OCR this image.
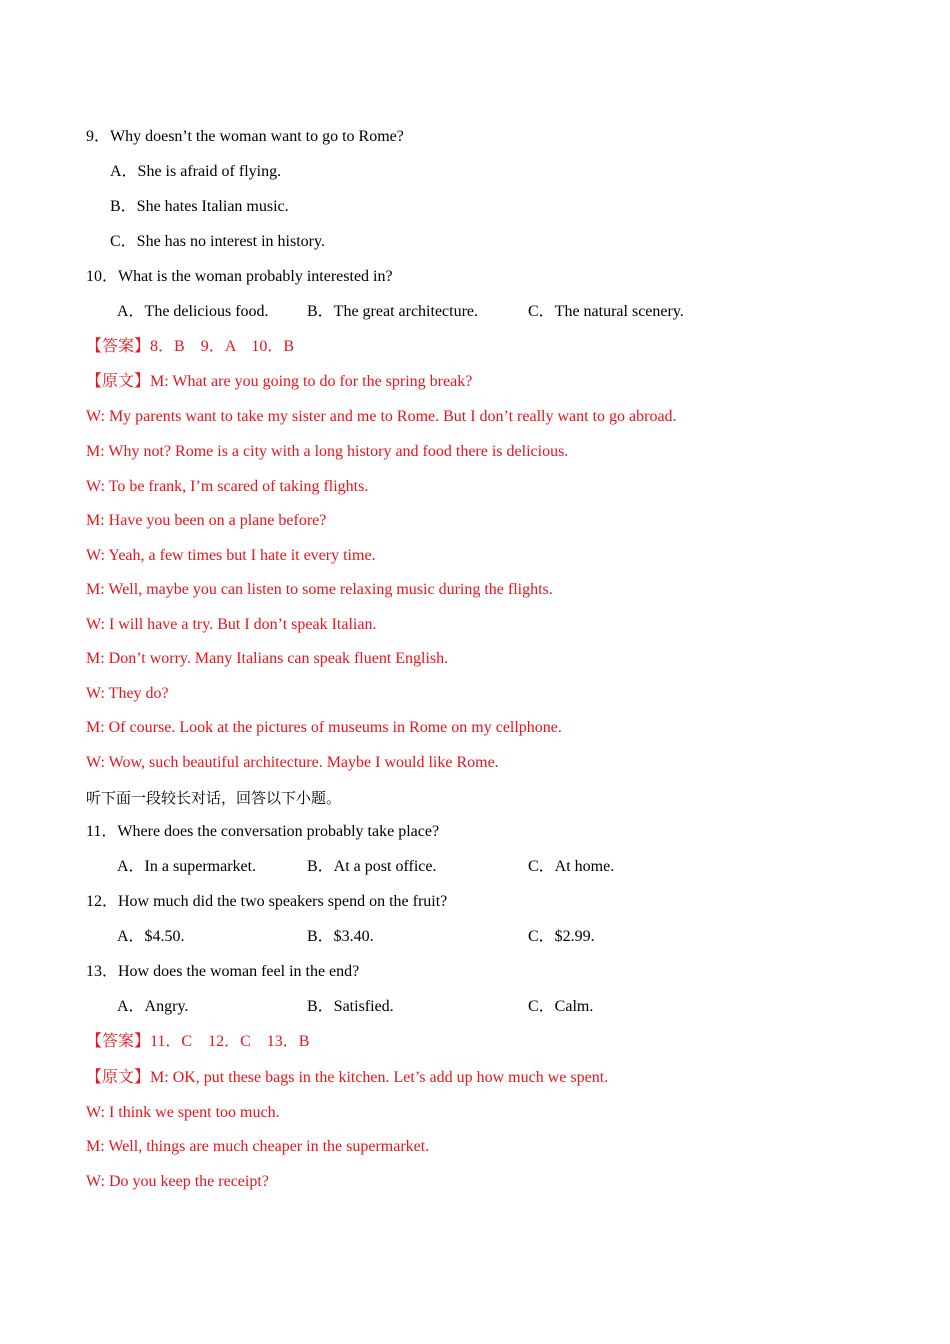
9．Why doesn’t the woman want to go to Rome?
A．She is afraid of flying.
B．She hates Italian music.
C．She has no interest in history.
10．What is the woman probably interested in?
A．The delicious food. B．The great architecture.	C．The natural scenery.
【答案】8．B    9．A    10．B
【原文】M: What are you going to do for the spring break?
W: My parents want to take my sister and me to Rome. But I don’t really want to go abroad.
M: Why not? Rome is a city with a long history and food there is delicious.
W: To be frank, I’m scared of taking flights.
M: Have you been on a plane before?
W: Yeah, a few times but I hate it every time.
M: Well, maybe you can listen to some relaxing music during the flights.
W: I will have a try. But I don’t speak Italian.
M: Don’t worry. Many Italians can speak fluent English.
W: They do?
M: Of course. Look at the pictures of museums in Rome on my cellphone.
W: Wow, such beautiful architecture. Maybe I would like Rome.
听下面一段较长对话，回答以下小题。
11．Where does the conversation probably take place?
A．In a supermarket.	B．At a post office.	C．At home.
12．How much did the two speakers spend on the fruit?
A．$4.50.	B．$3.40.	C．$2.99.
13．How does the woman feel in the end?
A．Angry.	B．Satisfied.	C．Calm.
【答案】11．C    12．C    13．B
【原文】M: OK, put these bags in the kitchen. Let’s add up how much we spent.
W: I think we spent too much.
M: Well, things are much cheaper in the supermarket.
W: Do you keep the receipt?
